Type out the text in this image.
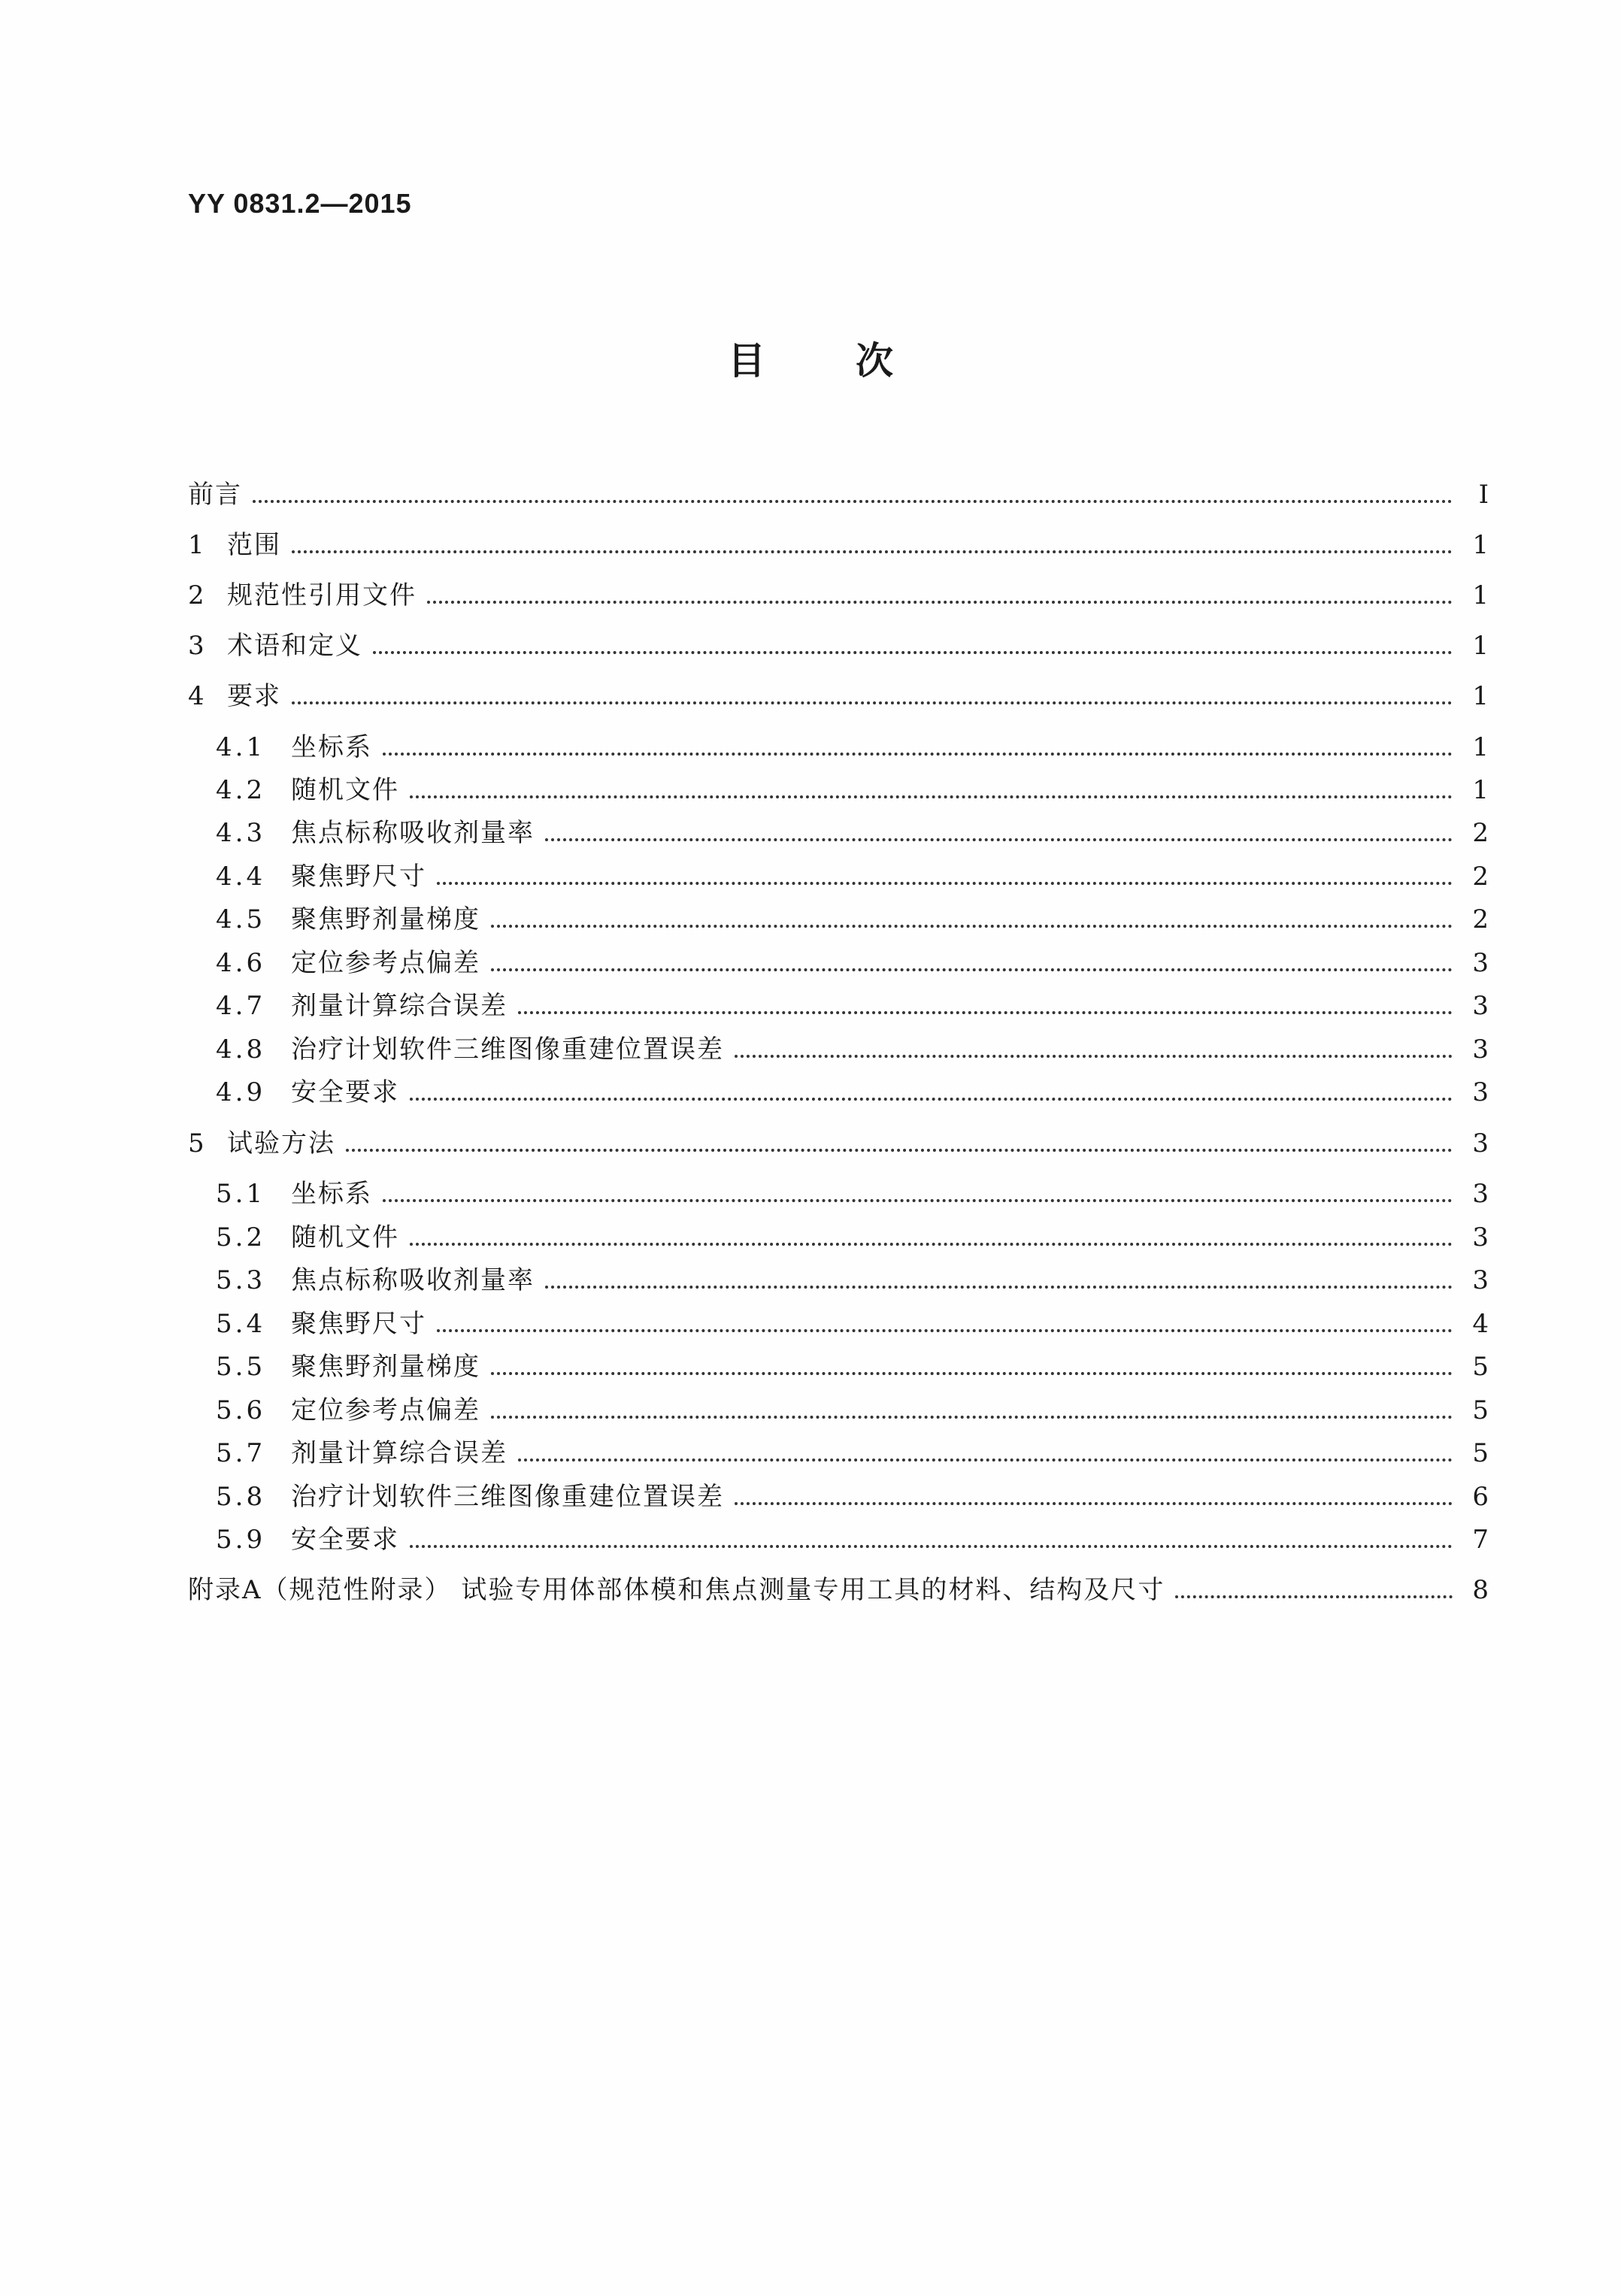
YY 0831.2—2015
目次
前言	I
1 范围	1
2 规范性引用文件	1
3 术语和定义	1
4 要求	1
4.1 坐标系	1
4.2 随机文件	1
4.3 焦点标称吸收剂量率	2
4.4 聚焦野尺寸	2
4.5 聚焦野剂量梯度	2
4.6 定位参考点偏差	3
4.7 剂量计算综合误差	3
4.8 治疗计划软件三维图像重建位置误差	3
4.9 安全要求	3
5 试验方法	3
5.1 坐标系	3
5.2 随机文件	3
5.3 焦点标称吸收剂量率	3
5.4 聚焦野尺寸	4
5.5 聚焦野剂量梯度	5
5.6 定位参考点偏差	5
5.7 剂量计算综合误差	5
5.8 治疗计划软件三维图像重建位置误差	6
5.9 安全要求	7
附录A（规范性附录） 试验专用体部体模和焦点测量专用工具的材料、结构及尺寸	8
